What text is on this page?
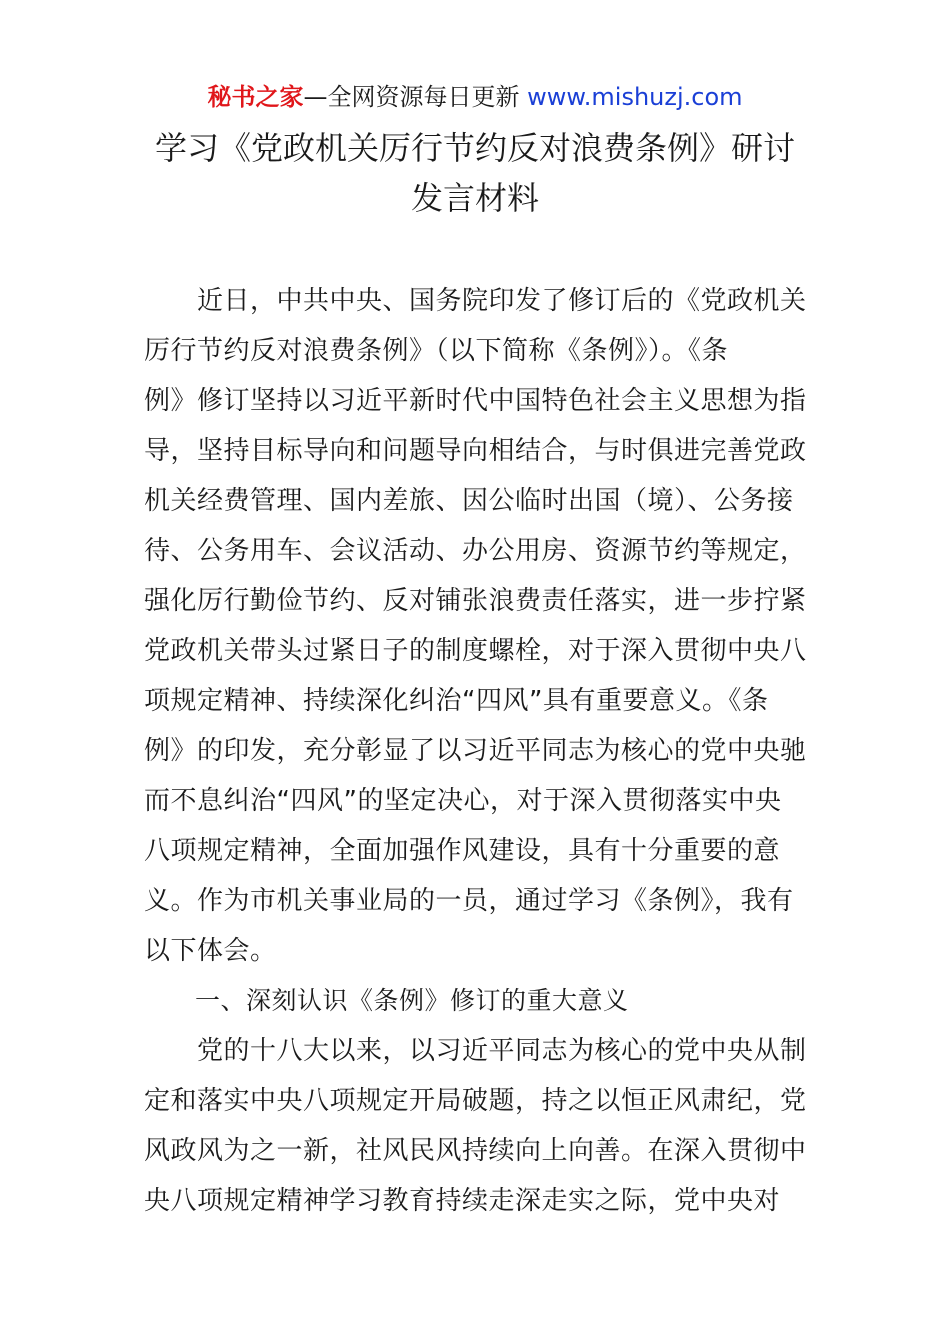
秘书之家—全网资源每日更新 www.mishuzj.com
学习《党政机关厉行节约反对浪费条例》研讨
发言材料
　　近日，中共中央、国务院印发了修订后的《党政机关
厉行节约反对浪费条例》（以下简称《条例》）。《条
例》修订坚持以习近平新时代中国特色社会主义思想为指
导，坚持目标导向和问题导向相结合，与时俱进完善党政
机关经费管理、国内差旅、因公临时出国（境）、公务接
待、公务用车、会议活动、办公用房、资源节约等规定，
强化厉行勤俭节约、反对铺张浪费责任落实，进一步拧紧
党政机关带头过紧日子的制度螺栓，对于深入贯彻中央八
项规定精神、持续深化纠治“四风”具有重要意义。《条
例》的印发，充分彰显了以习近平同志为核心的党中央驰
而不息纠治“四风”的坚定决心，对于深入贯彻落实中央
八项规定精神，全面加强作风建设，具有十分重要的意
义。作为市机关事业局的一员，通过学习《条例》，我有
以下体会。
　　一、深刻认识《条例》修订的重大意义
　　党的十八大以来，以习近平同志为核心的党中央从制
定和落实中央八项规定开局破题，持之以恒正风肃纪，党
风政风为之一新，社风民风持续向上向善。在深入贯彻中
央八项规定精神学习教育持续走深走实之际，党中央对
